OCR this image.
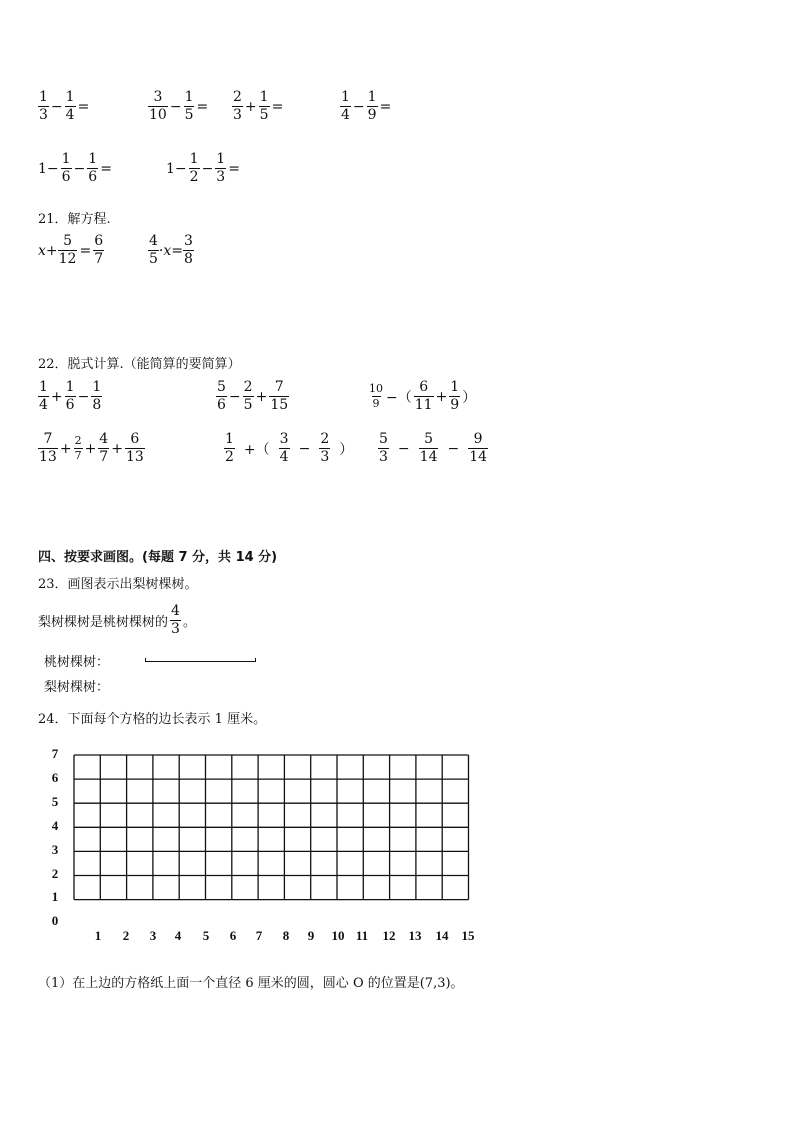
$\frac{1}{3} - \frac{1}{4}$ =	$\frac{3}{10} - \frac{1}{5} = \frac{2}{3} + \frac{1}{5}$ =	$\frac{1}{4} - \frac{1}{9}$ =
$1- \frac{1}{6} - \frac{1}{6}$ =	$1- \frac{1}{2} - \frac{1}{3}$ =
21．解方程.
$x+ \frac{5}{12} = \frac{6}{7}$	$\frac{4}{5} \cdot x= \frac{3}{8}$
22．脱式计算.（能简算的要简算）
$\frac{1}{4} + \frac{1}{6} - \frac{1}{8}$	$\frac{5}{6} - \frac{2}{5} + \frac{7}{15}$	$\frac{10}{9}$ −（ $\frac{6}{11} + \frac{1}{9}$ ）
$\frac{7}{13} + \frac{2}{7} + \frac{4}{7} + \frac{6}{13}$	$\frac{1}{2}$ +（ $\frac{3}{4} - \frac{2}{3}$ ） $\frac{5}{3} - \frac{5}{14} - \frac{9}{14}$
四、按要求画图。(每题 7 分，共 14 分)
23．画图表示出梨树棵树。
梨树棵树是桃树棵树的 $\frac{4}{3}$ 。
桃树棵树：
梨树棵树：
24．下面每个方格的边长表示 1 厘米。
7
6
5
4
3
2
1
0
1	2	3	4	5	6	7	8	9	10 11 12 13 14 15
（1）在上边的方格纸上面一个直径 6 厘米的圆，圆心 O 的位置是(7,3)。
